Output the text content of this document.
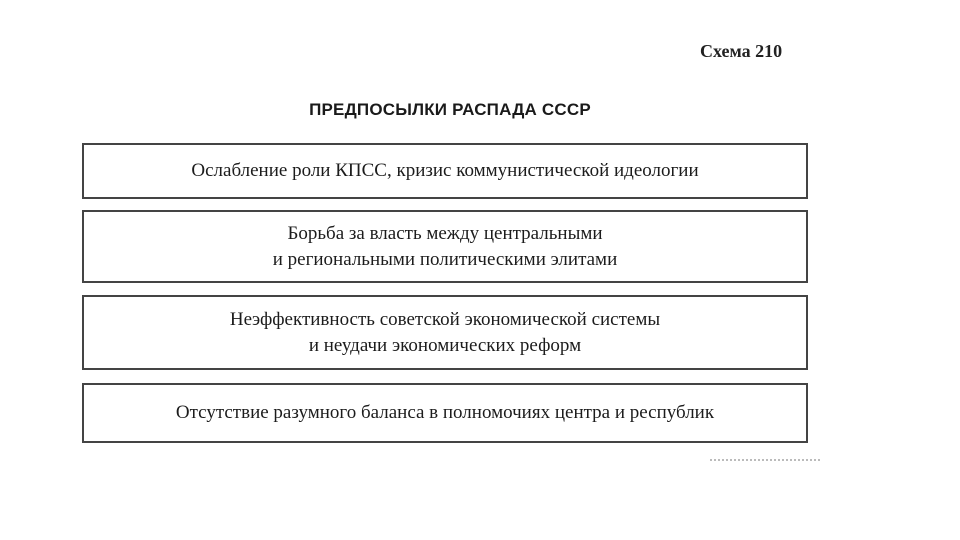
Схема 210
ПРЕДПОСЫЛКИ РАСПАДА СССР
Ослабление роли КПСС, кризис коммунистической идеологии
Борьба за власть между центральными
и региональными политическими элитами
Неэффективность советской экономической системы
и неудачи экономических реформ
Отсутствие разумного баланса в полномочиях центра и республик
